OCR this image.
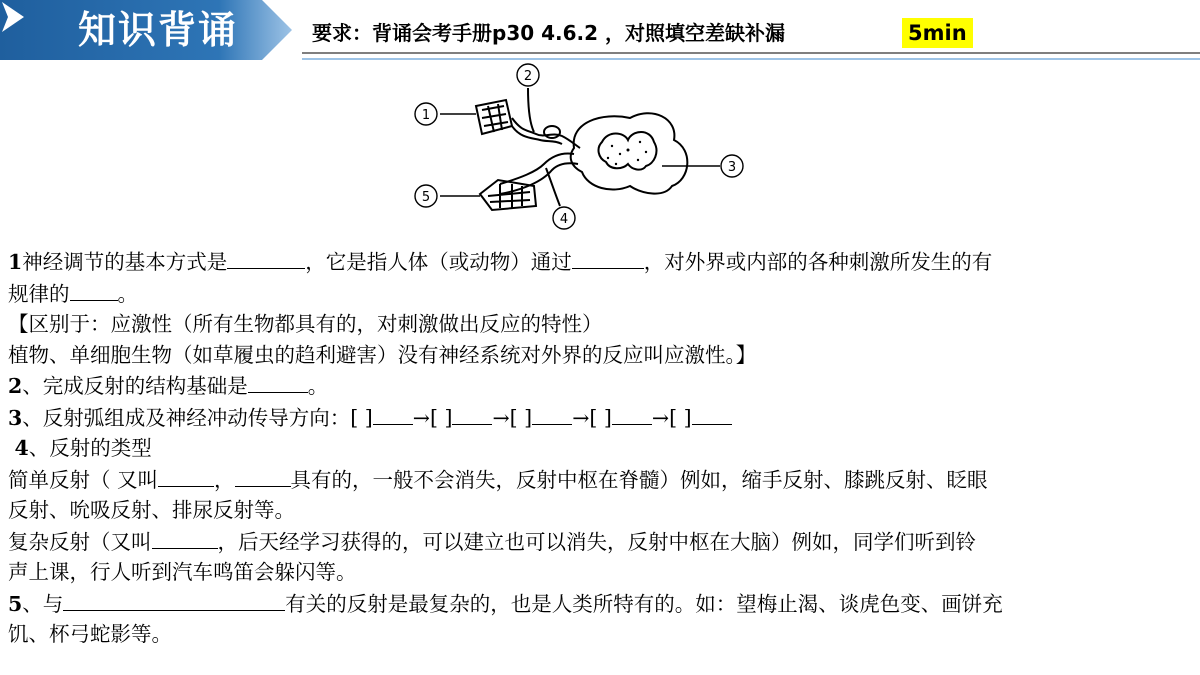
知识背诵	要求：背诵会考手册p30 4.6.2 ，对照填空差缺补漏	5min
1
2
3
4
5

1神经调节的基本方式是	，它是指人体（或动物）通过	，对外界或内部的各种刺激所发生的有

规律的 。

【区别于：应激性（所有生物都具有的，对刺激做出反应的特性）

植物、单细胞生物（如草履虫的趋利避害）没有神经系统对外界的反应叫应激性。】

2、完成反射的结构基础是	。

3、反射弧组成及神经冲动传导方向：[ ] →[ ] →[ ] →[ ] →[ ]

4、反射的类型

简单反射（ 又叫	，	具有的，一般不会消失，反射中枢在脊髓）例如，缩手反射、膝跳反射、眨眼

反射、吮吸反射、排尿反射等。

复杂反射（又叫	，后天经学习获得的，可以建立也可以消失，反射中枢在大脑）例如，同学们听到铃

声上课，行人听到汽车鸣笛会躲闪等。

5、与	有关的反射是最复杂的，也是人类所特有的。如：望梅止渴、谈虎色变、画饼充

饥、杯弓蛇影等。
